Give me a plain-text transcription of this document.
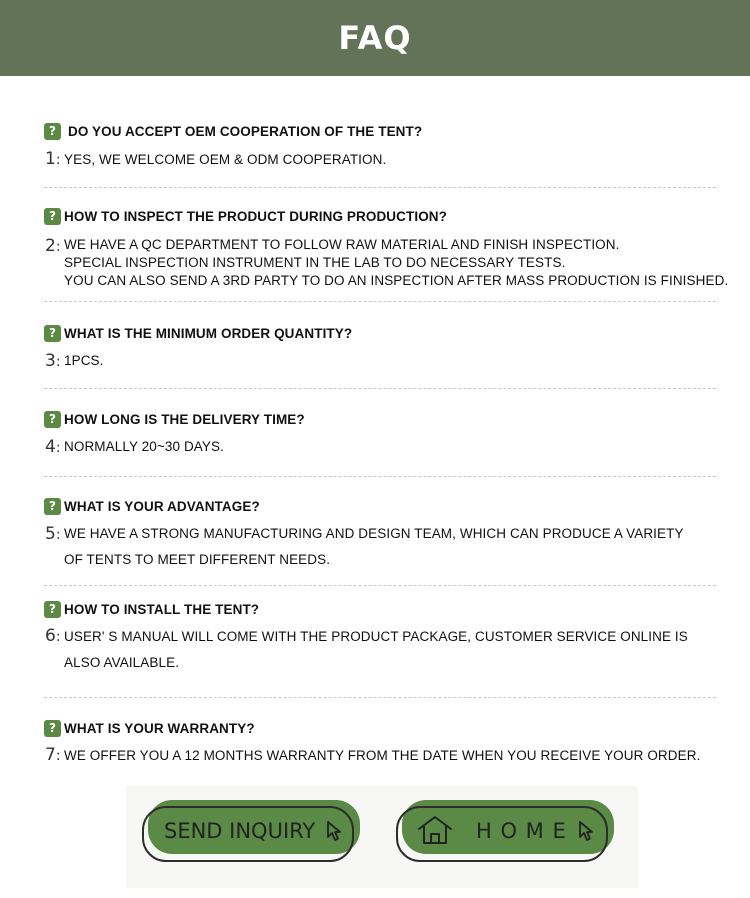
FAQ
? DO YOU ACCEPT OEM COOPERATION OF THE TENT?
1: YES, WE WELCOME OEM & ODM COOPERATION.
? HOW TO INSPECT THE PRODUCT DURING PRODUCTION?
2: WE HAVE A QC DEPARTMENT TO FOLLOW RAW MATERIAL AND FINISH INSPECTION.
SPECIAL INSPECTION INSTRUMENT IN THE LAB TO DO NECESSARY TESTS.
YOU CAN ALSO SEND A 3RD PARTY TO DO AN INSPECTION AFTER MASS PRODUCTION IS FINISHED.
? WHAT IS THE MINIMUM ORDER QUANTITY?
3: 1PCS.
? HOW LONG IS THE DELIVERY TIME?
4: NORMALLY 20~30 DAYS.
? WHAT IS YOUR ADVANTAGE?
5: WE HAVE A STRONG MANUFACTURING AND DESIGN TEAM, WHICH CAN PRODUCE A VARIETY
OF TENTS TO MEET DIFFERENT NEEDS.
? HOW TO INSTALL THE TENT?
6: USER' S MANUAL WILL COME WITH THE PRODUCT PACKAGE, CUSTOMER SERVICE ONLINE IS
ALSO AVAILABLE.
? WHAT IS YOUR WARRANTY?
7: WE OFFER YOU A 12 MONTHS WARRANTY FROM THE DATE WHEN YOU RECEIVE YOUR ORDER.
SEND INQUIRY	H O M E
